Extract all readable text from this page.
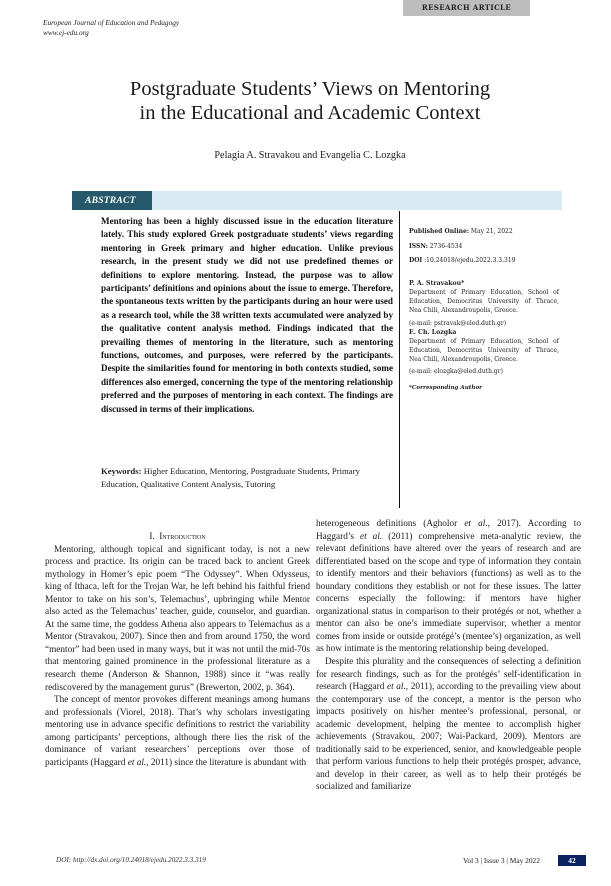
RESEARCH ARTICLE
European Journal of Education and Pedagogy
www.ej-edu.org
Postgraduate Students’ Views on Mentoring
in the Educational and Academic Context
Pelagia A. Stravakou and Evangelia C. Lozgka
ABSTRACT
Mentoring has been a highly discussed issue in the education literature lately. This study explored Greek postgraduate students’ views regarding mentoring in Greek primary and higher education. Unlike previous research, in the present study we did not use predefined themes or definitions to explore mentoring. Instead, the purpose was to allow participants’ definitions and opinions about the issue to emerge. Therefore, the spontaneous texts written by the participants during an hour were used as a research tool, while the 38 written texts accumulated were analyzed by the qualitative content analysis method. Findings indicated that the prevailing themes of mentoring in the literature, such as mentoring functions, outcomes, and purposes, were referred by the participants. Despite the similarities found for mentoring in both contexts studied, some differences also emerged, concerning the type of the mentoring relationship preferred and the purposes of mentoring in each context. The findings are discussed in terms of their implications.
Published Online: May 21, 2022
ISSN: 2736-4534
DOI :10.24018/ejedu.2022.3.3.319
P. A. Stravakou*
Department of Primary Education, School of Education, Democritus University of Thrace, Nea Chili, Alexandroupolis, Greece.
(e-mail: pstravak@eled.duth.gr)
E. Ch. Lozgka
Department of Primary Education, School of Education, Democritus University of Thrace, Nea Chili, Alexandroupolis, Greece.
(e-mail: elozgka@eled.duth.gr)
*Corresponding Author
Keywords: Higher Education, Mentoring, Postgraduate Students, Primary Education, Qualitative Content Analysis, Tutoring
I. Introduction

Mentoring, although topical and significant today, is not a new process and practice. Its origin can be traced back to ancient Greek mythology in Homer’s epic poem “The Odyssey”. When Odysseus, king of Ithaca, left for the Trojan War, he left behind his faithful friend Mentor to take on his son’s, Telemachus’, upbringing while Mentor also acted as the Telemachus’ teacher, guide, counselor, and guardian. At the same time, the goddess Athena also appears to Telemachus as a Mentor (Stravakou, 2007). Since then and from around 1750, the word “mentor” had been used in many ways, but it was not until the mid-70s that mentoring gained prominence in the professional literature as a research theme (Anderson & Shannon, 1988) since it “was really rediscovered by the management gurus” (Brewerton, 2002, p. 364).

The concept of mentor provokes different meanings among humans and professionals (Viorel, 2018). That’s why scholars investigating mentoring use in advance specific definitions to restrict the variability among participants’ perceptions, although there lies the risk of the dominance of variant researchers’ perceptions over those of participants (Haggard et al., 2011) since the literature is abundant with

heterogeneous definitions (Agholor et al., 2017). According to Haggard’s et al. (2011) comprehensive meta-analytic review, the relevant definitions have altered over the years of research and are differentiated based on the scope and type of information they contain to identify mentors and their behaviors (functions) as well as to the boundary conditions they establish or not for these issues. The latter concerns especially the following: if mentors have higher organizational status in comparison to their protégés or not, whether a mentor can also be one’s immediate supervisor, whether a mentor comes from inside or outside protégé’s (mentee’s) organization, as well as how intimate is the mentoring relationship being developed.

Despite this plurality and the consequences of selecting a definition for research findings, such as for the protégés’ self-identification in research (Haggard et al., 2011), according to the prevailing view about the contemporary use of the concept, a mentor is the person who impacts positively on his/her mentee’s professional, personal, or academic development, helping the mentee to accomplish higher achievements (Stravakou, 2007; Wai-Packard, 2009). Mentors are traditionally said to be experienced, senior, and knowledgeable people that perform various functions to help their protégés prosper, advance, and develop in their career, as well as to help their protégés be socialized and familiarize

DOI: http://dx.doi.org/10.24018/ejedu.2022.3.3.319	Vol 3 | Issue 3 | May 2022	42
